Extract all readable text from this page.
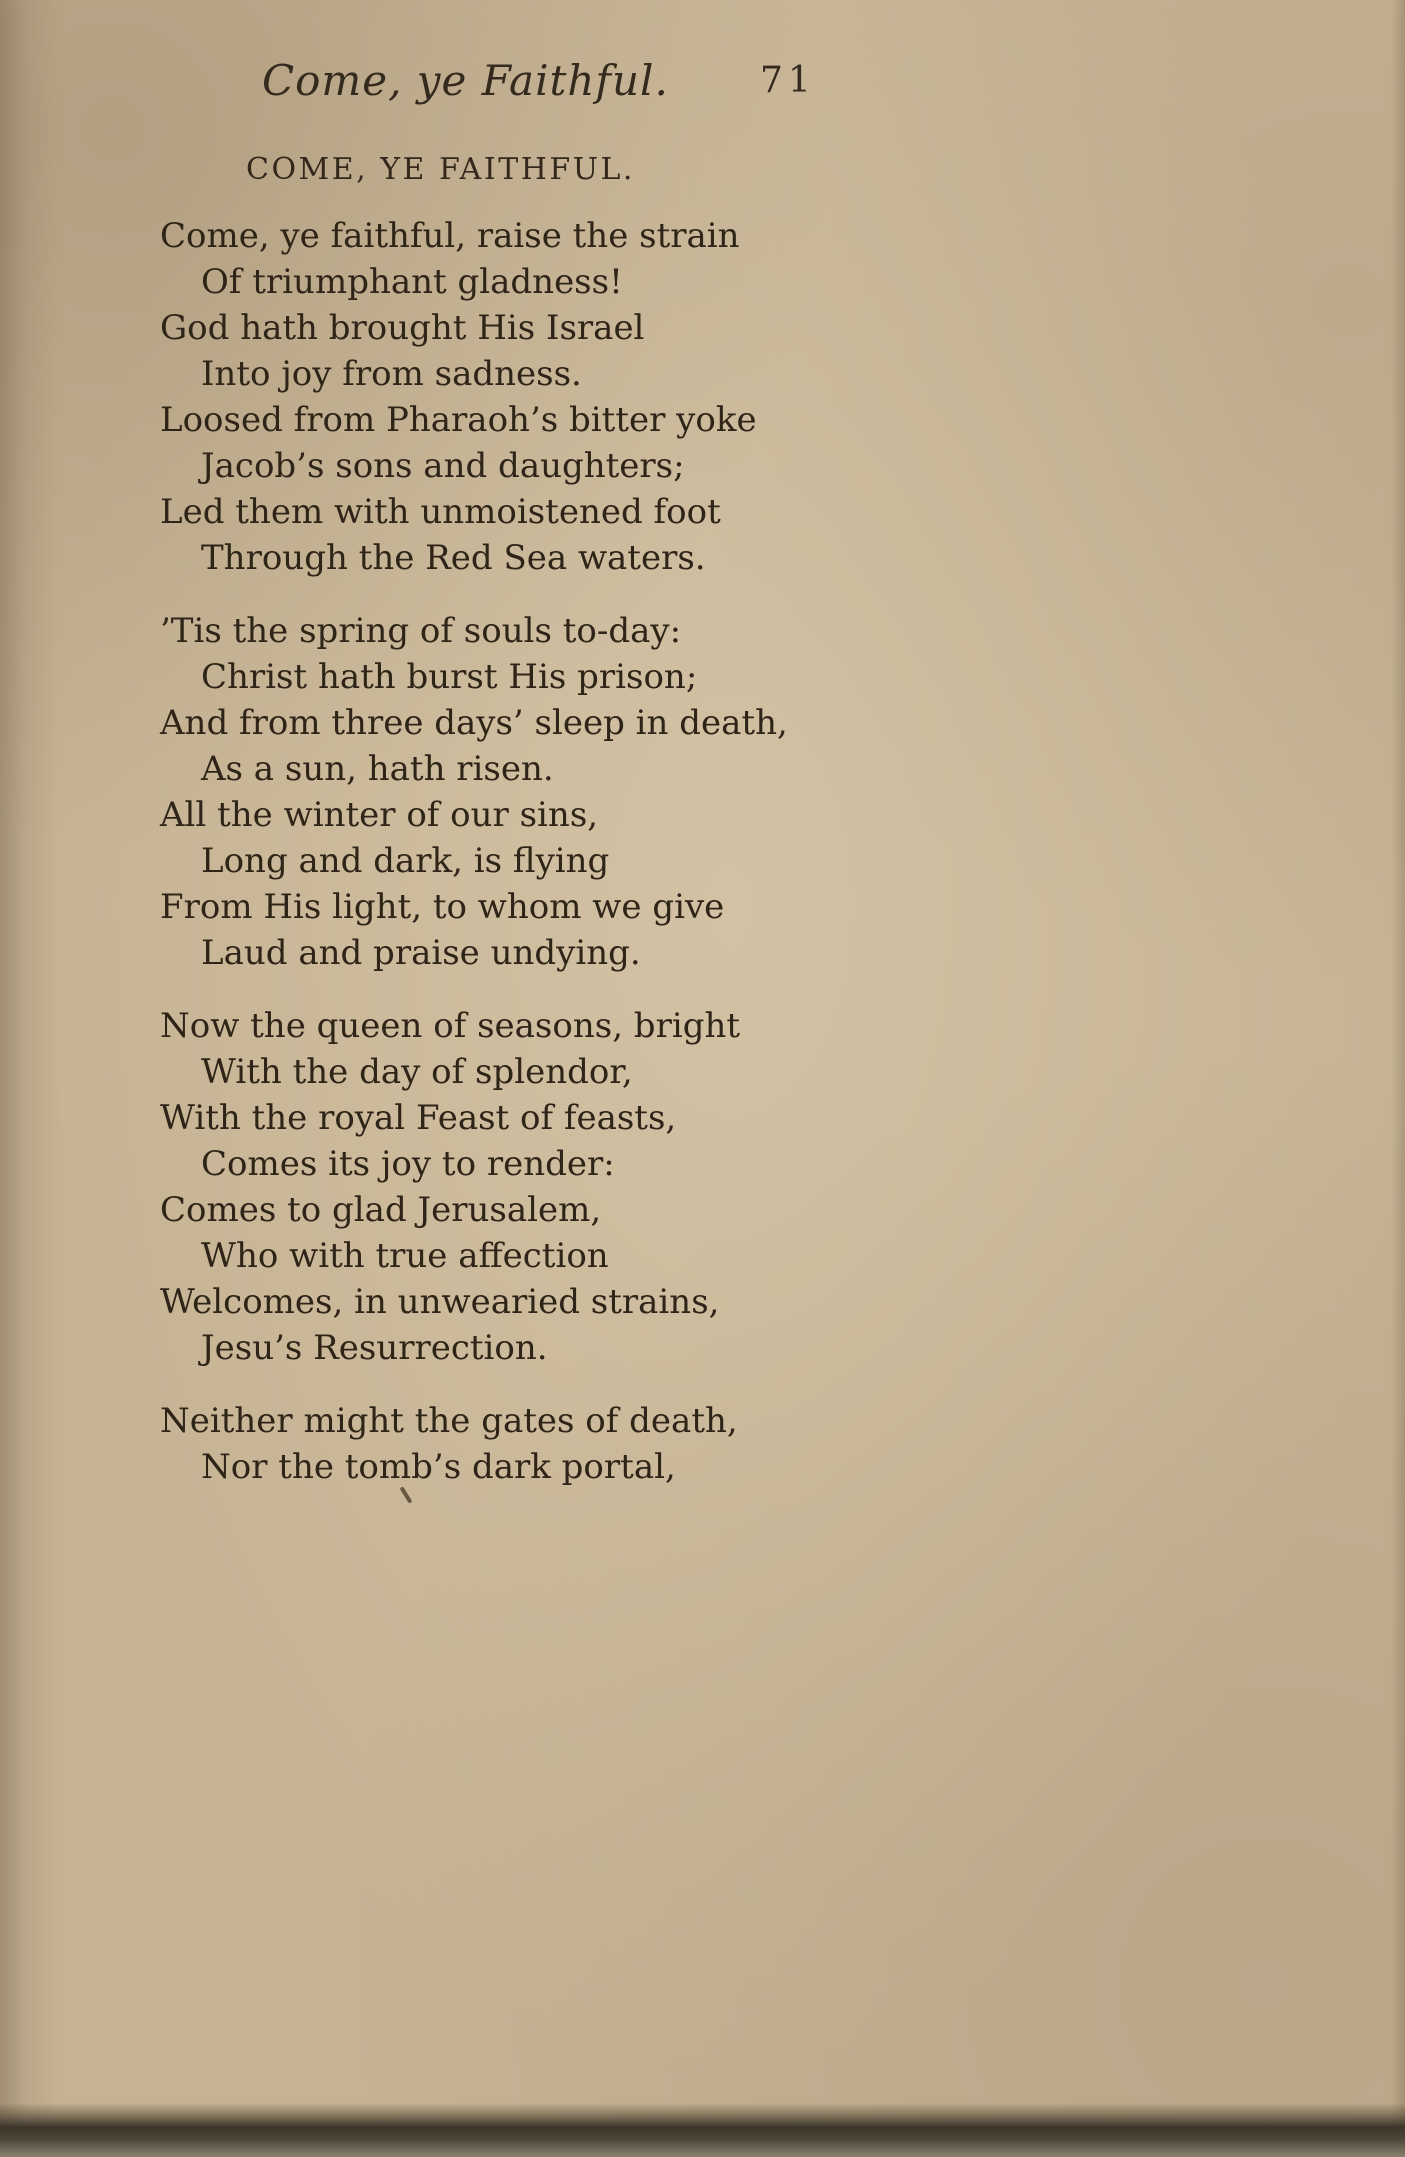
Come, ye Faithful.	71
COME, YE FAITHFUL.

Come, ye faithful, raise the strain

Of triumphant gladness!

God hath brought His Israel

Into joy from sadness.

Loosed from Pharaoh’s bitter yoke

Jacob’s sons and daughters;

Led them with unmoistened foot

Through the Red Sea waters.

’Tis the spring of souls to-day:

Christ hath burst His prison;

And from three days’ sleep in death,

As a sun, hath risen.

All the winter of our sins,

Long and dark, is flying

From His light, to whom we give

Laud and praise undying.

Now the queen of seasons, bright

With the day of splendor,

With the royal Feast of feasts,

Comes its joy to render:

Comes to glad Jerusalem,

Who with true affection

Welcomes, in unwearied strains,

Jesu’s Resurrection.

Neither might the gates of death,

Nor the tomb’s dark portal,
